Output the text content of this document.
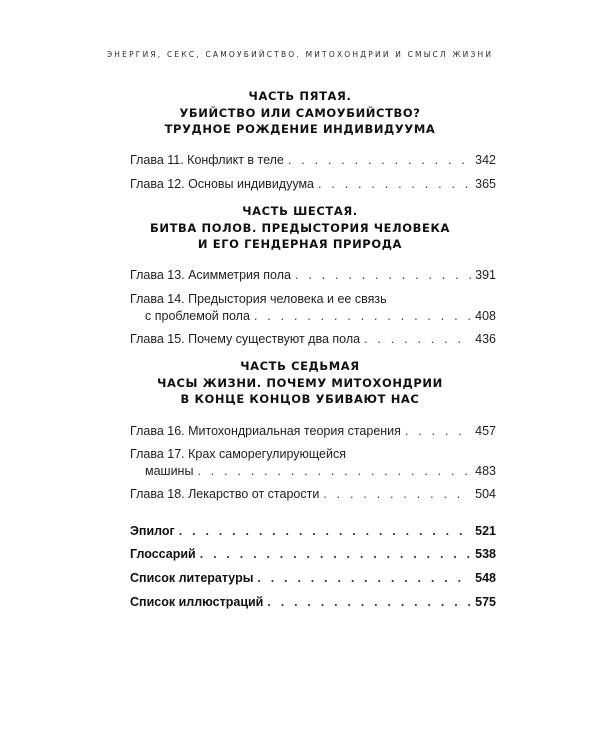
ЭНЕРГИЯ, СЕКС, САМОУБИЙСТВО. МИТОХОНДРИИ И СМЫСЛ ЖИЗНИ
ЧАСТЬ ПЯТАЯ.
УБИЙСТВО ИЛИ САМОУБИЙСТВО?
ТРУДНОЕ РОЖДЕНИЕ ИНДИВИДУУМА
Глава 11. Конфликт в теле . . .	342
Глава 12. Основы индивидуума . . .	365
ЧАСТЬ ШЕСТАЯ.
БИТВА ПОЛОВ. ПРЕДЫСТОРИЯ ЧЕЛОВЕКА
И ЕГО ГЕНДЕРНАЯ ПРИРОДА
Глава 13. Асимметрия пола . . .	391
Глава 14. Предыстория человека и ее связь
с проблемой пола . . .	408
Глава 15. Почему существуют два пола . . .	436
ЧАСТЬ СЕДЬМАЯ
ЧАСЫ ЖИЗНИ. ПОЧЕМУ МИТОХОНДРИИ
В КОНЦЕ КОНЦОВ УБИВАЮТ НАС
Глава 16. Митохондриальная теория старения . . .	457
Глава 17. Крах саморегулирующейся
машины . . .	483
Глава 18. Лекарство от старости . . .	504
Эпилог . . .	521
Глоссарий . . .	538
Список литературы . . .	548
Список иллюстраций . . .	575
